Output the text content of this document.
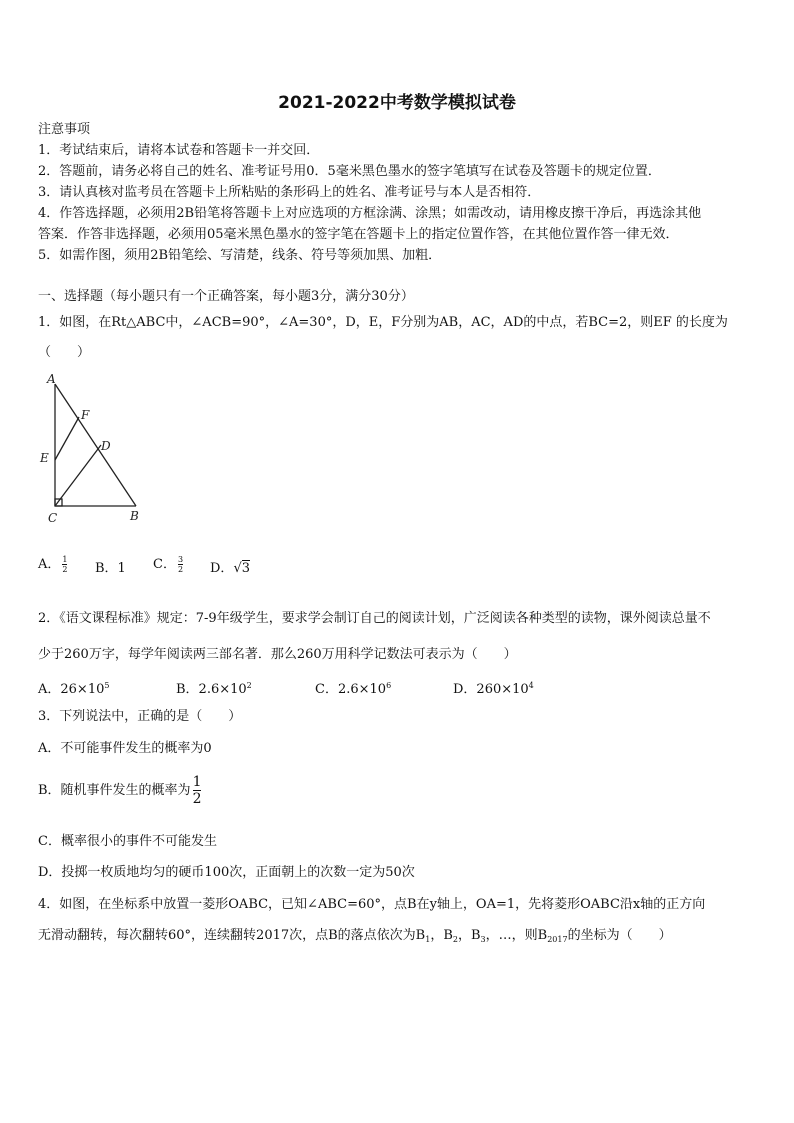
2021-2022中考数学模拟试卷
注意事项
1．考试结束后，请将本试卷和答题卡一并交回．
2．答题前，请务必将自己的姓名、准考证号用0．5毫米黑色墨水的签字笔填写在试卷及答题卡的规定位置．
3．请认真核对监考员在答题卡上所粘贴的条形码上的姓名、准考证号与本人是否相符．
4．作答选择题，必须用2B铅笔将答题卡上对应选项的方框涂满、涂黑；如需改动，请用橡皮擦干净后，再选涂其他
答案．作答非选择题，必须用05毫米黑色墨水的签字笔在答题卡上的指定位置作答，在其他位置作答一律无效．
5．如需作图，须用2B铅笔绘、写清楚，线条、符号等须加黑、加粗．
一、选择题（每小题只有一个正确答案，每小题3分，满分30分）
1．如图，在Rt△ABC中，∠ACB=90°，∠A=30°，D，E，F分别为AB，AC，AD的中点，若BC=2，则EF 的长度为
（　　）
A
F
D
E
C	B
A． $\frac{1}{2}$ B．1 C． $\frac{3}{2}$ D．√3
2．《语文课程标准》规定：7-9年级学生，要求学会制订自己的阅读计划，广泛阅读各种类型的读物，课外阅读总量不
少于260万字，每学年阅读两三部名著．那么260万用科学记数法可表示为（　　）
A．$26\times 10^5$	B．$2.6\times 10^2$	C．$2.6\times 10^6$	D．$260\times 10^4$
3．下列说法中，正确的是（　　）
A．不可能事件发生的概率为0
B．随机事件发生的概率为 $\frac{1}{2}$
C．概率很小的事件不可能发生
D．投掷一枚质地均匀的硬币100次，正面朝上的次数一定为50次
4．如图，在坐标系中放置一菱形OABC，已知∠ABC=60°，点B在y轴上，OA=1，先将菱形OABC沿x轴的正方向
无滑动翻转，每次翻转60°，连续翻转2017次，点B的落点依次为$B_1$，$B_2$，$B_3$，…，则$B_{2017}$的坐标为（　　）
